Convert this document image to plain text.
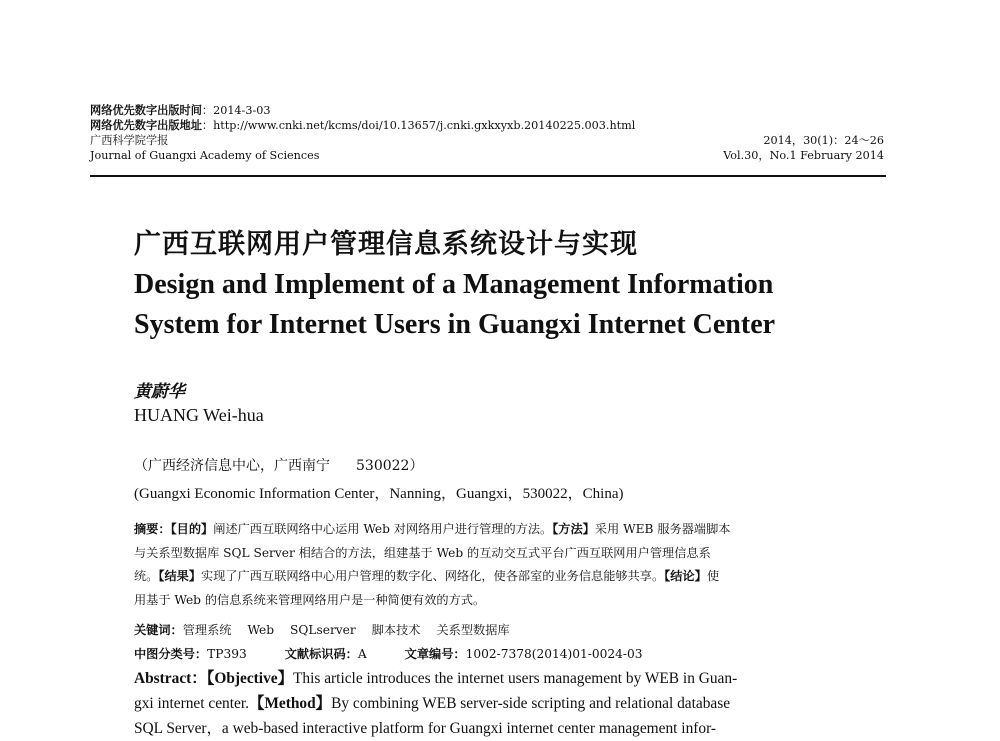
网络优先数字出版时间：2014-3-03
网络优先数字出版地址：http://www.cnki.net/kcms/doi/10.13657/j.cnki.gxkxyxb.20140225.003.html
广西科学院学报	2014，30(1)：24～26
Journal of Guangxi Academy of Sciences	Vol.30，No.1 February 2014
广西互联网用户管理信息系统设计与实现
Design and Implement of a Management Information
System for Internet Users in Guangxi Internet Center
黄蔚华
HUANG Wei-hua
（广西经济信息中心，广西南宁 530022）
(Guangxi Economic Information Center，Nanning，Guangxi，530022，China)
摘要：【目的】阐述广西互联网络中心运用 Web 对网络用户进行管理的方法。【方法】采用 WEB 服务器端脚本
与关系型数据库 SQL Server 相结合的方法，组建基于 Web 的互动交互式平台广西互联网用户管理信息系
统。【结果】实现了广西互联网络中心用户管理的数字化、网络化，使各部室的业务信息能够共享。【结论】使
用基于 Web 的信息系统来管理网络用户是一种简便有效的方式。
关键词：管理系统 Web SQLserver 脚本技术 关系型数据库
中图分类号：TP393	文献标识码：A	文章编号：1002-7378(2014)01-0024-03
Abstract：【Objective】This article introduces the internet users management by WEB in Guan-
gxi internet center.【Method】By combining WEB server-side scripting and relational database
SQL Server，a web-based interactive platform for Guangxi internet center management infor-
